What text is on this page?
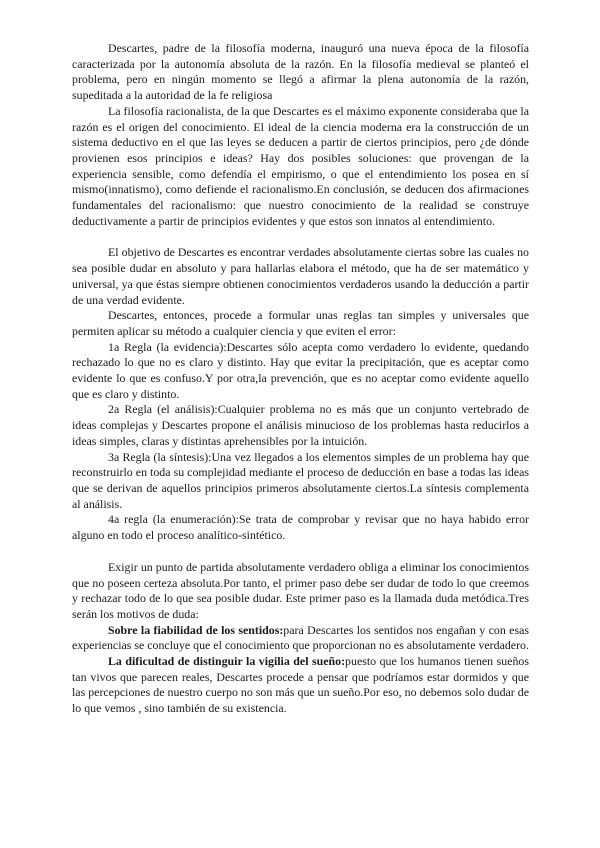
Descartes, padre de la filosofía moderna, inauguró una nueva época de la filosofía caracterizada por la autonomía absoluta de la razón. En la filosofía medieval se planteó el problema, pero en ningún momento se llegó a afirmar la plena autonomía de la razón, supeditada a la autoridad de la fe religiosa

La filosofía racionalista, de la que Descartes es el máximo exponente consideraba que la razón es el origen del conocimiento. El ideal de la ciencia moderna era la construcción de un sistema deductivo en el que las leyes se deducen a partir de ciertos principios, pero ¿de dónde provienen esos principios e ideas? Hay dos posibles soluciones: que provengan de la experiencia sensible, como defendía el empirismo, o que el entendimiento los posea en sí mismo(innatismo), como defiende el racionalismo.En conclusión, se deducen dos afirmaciones fundamentales del racionalismo: que nuestro conocimiento de la realidad se construye deductivamente a partir de principios evidentes y que estos son innatos al entendimiento.

El objetivo de Descartes es encontrar verdades absolutamente ciertas sobre las cuales no sea posible dudar en absoluto y para hallarlas elabora el método, que ha de ser matemático y universal, ya que éstas siempre obtienen conocimientos verdaderos usando la deducción a partir de una verdad evidente.

Descartes, entonces, procede a formular unas reglas tan simples y universales que permiten aplicar su método a cualquier ciencia y que eviten el error:

1a Regla (la evidencia):Descartes sólo acepta como verdadero lo evidente, quedando rechazado lo que no es claro y distinto. Hay que evitar la precipitación, que es aceptar como evidente lo que es confuso.Y por otra,la prevención, que es no aceptar como evidente aquello que es claro y distinto.

2a Regla (el análisis):Cualquier problema no es más que un conjunto vertebrado de ideas complejas y Descartes propone el análisis minucioso de los problemas hasta reducirlos a ideas simples, claras y distintas aprehensibles por la intuición.

3a Regla (la síntesis):Una vez llegados a los elementos simples de un problema hay que reconstruirlo en toda su complejidad mediante el proceso de deducción en base a todas las ideas que se derivan de aquellos principios primeros absolutamente ciertos.La síntesis complementa al análisis.

4a regla (la enumeración):Se trata de comprobar y revisar que no haya habido error alguno en todo el proceso analítico-sintético.

Exigir un punto de partida absolutamente verdadero obliga a eliminar los conocimientos que no poseen certeza absoluta.Por tanto, el primer paso debe ser dudar de todo lo que creemos y rechazar todo de lo que sea posible dudar. Este primer paso es la llamada duda metódica.Tres serán los motivos de duda:

Sobre la fiabilidad de los sentidos:para Descartes los sentidos nos engañan y con esas experiencias se concluye que el conocimiento que proporcionan no es absolutamente verdadero.

La dificultad de distinguir la vigilia del sueño:puesto que los humanos tienen sueños tan vivos que parecen reales, Descartes procede a pensar que podríamos estar dormidos y que las percepciones de nuestro cuerpo no son más que un sueño.Por eso, no debemos solo dudar de lo que vemos , sino también de su existencia.
